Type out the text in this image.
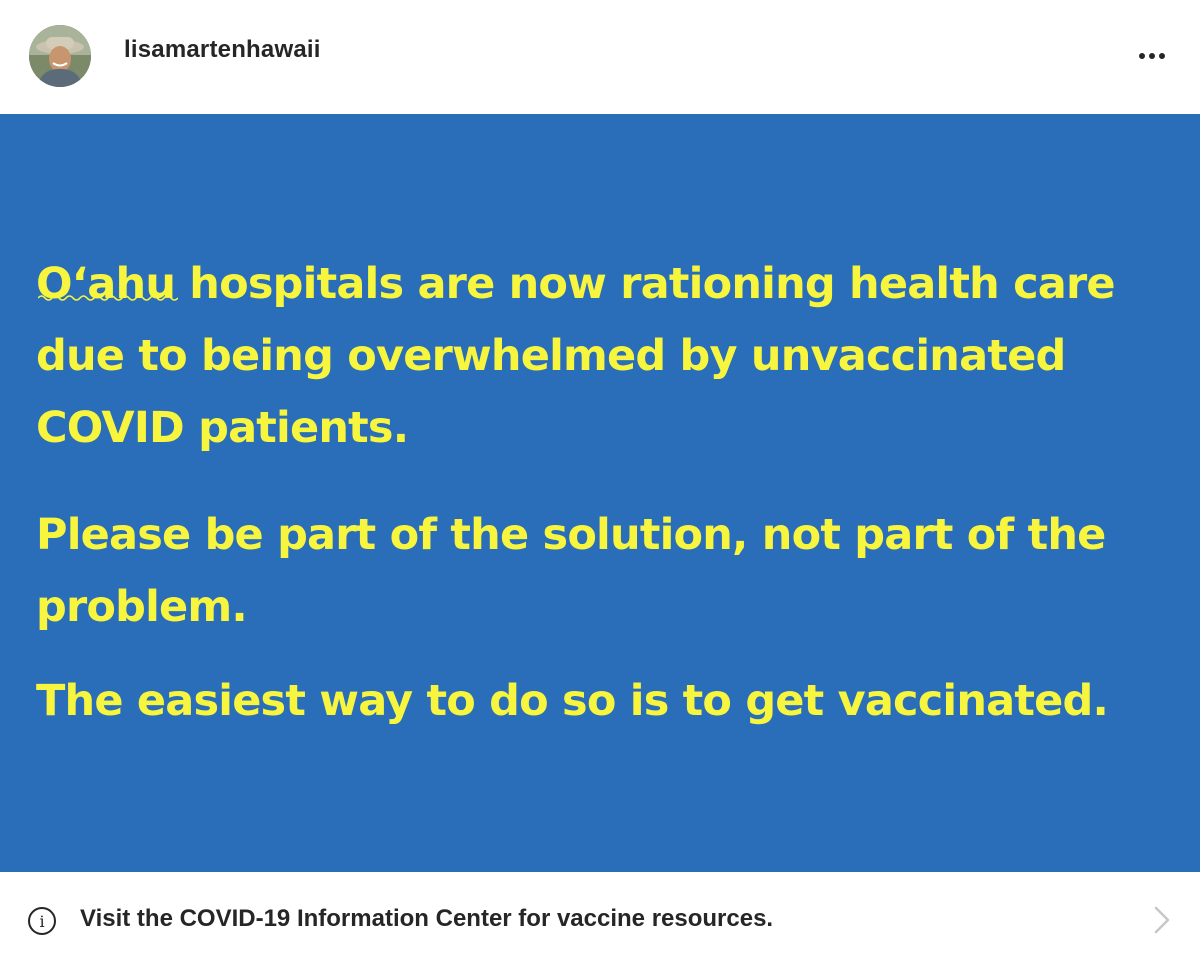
lisamartenhawaii
O‘ahu
hospitals are now rationing health care
due to being overwhelmed by unvaccinated
COVID patients.
Please be part of the solution, not part of the
problem.
The easiest way to do so is to get vaccinated.
i	Visit the COVID-19 Information Center for vaccine resources.
